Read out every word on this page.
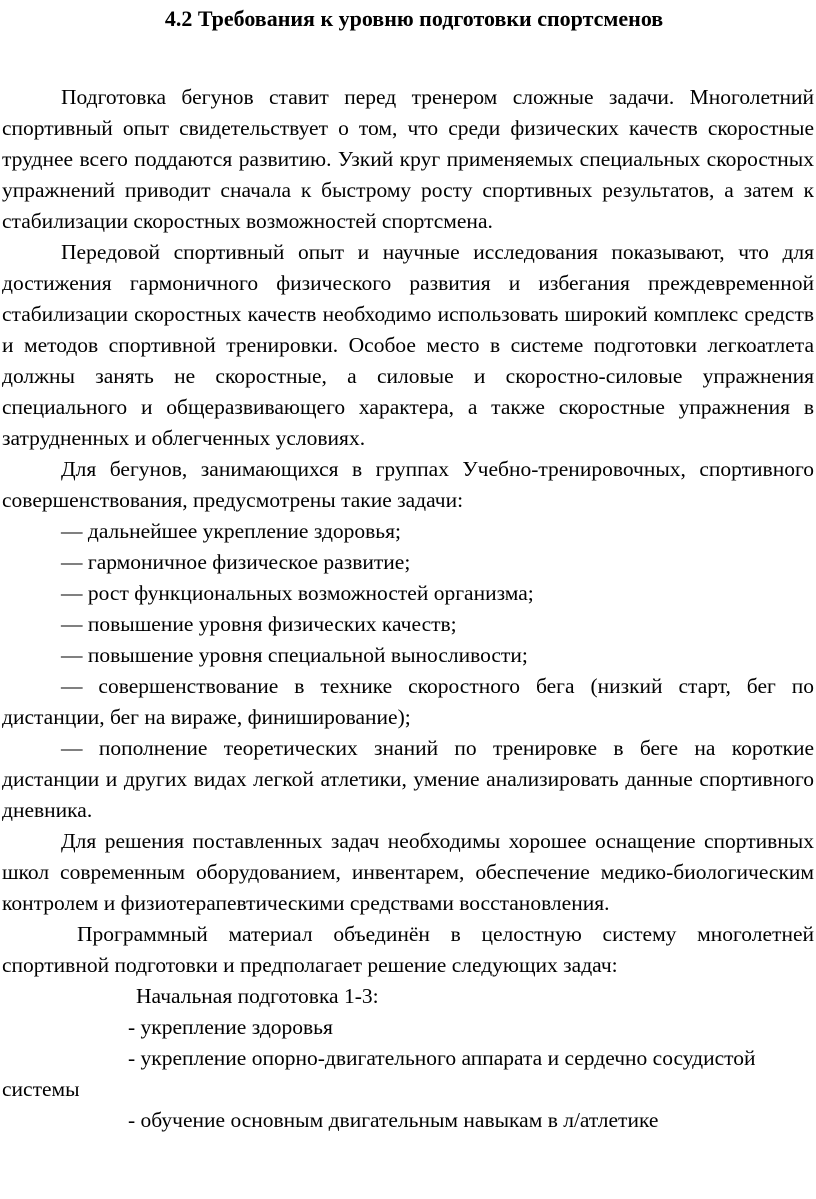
4.2 Требования к уровню подготовки спортсменов

Подготовка бегунов ставит перед тренером сложные задачи. Многолетний спортивный опыт свидетельствует о том, что среди физических качеств скоростные труднее всего поддаются развитию. Узкий круг применяемых специальных скоростных упражнений приводит сначала к быстрому росту спортивных результатов, а затем к стабилизации скоростных возможностей спортсмена.

Передовой спортивный опыт и научные исследования показывают, что для достижения гармоничного физического развития и избегания преждевременной стабилизации скоростных качеств необходимо использовать широкий комплекс средств и методов спортивной тренировки. Особое место в системе подготовки легкоатлета должны занять не скоростные, а силовые и скоростно-силовые упражнения специального и общеразвивающего характера, а также скоростные упражнения в затрудненных и облегченных условиях.

Для бегунов, занимающихся в группах Учебно-тренировочных, спортивного совершенствования, предусмотрены такие задачи:

— дальнейшее укрепление здоровья;

— гармоничное физическое развитие;

— рост функциональных возможностей организма;

— повышение уровня физических качеств;

— повышение уровня специальной выносливости;

— совершенствование в технике скоростного бега (низкий старт, бег по дистанции, бег на вираже, финиширование);

— пополнение теоретических знаний по тренировке в беге на короткие дистанции и других видах легкой атлетики, умение анализировать данные спортивного дневника.

Для решения поставленных задач необходимы хорошее оснащение спортивных школ современным оборудованием, инвентарем, обеспечение медико-биологическим контролем и физиотерапевтическими средствами восстановления.

Программный материал объединён в целостную систему многолетней спортивной подготовки и предполагает решение следующих задач:

Начальная подготовка 1-3:

- укрепление здоровья

- укрепление опорно-двигательного аппарата и сердечно сосудистой системы

- обучение основным двигательным навыкам в л/атлетике
